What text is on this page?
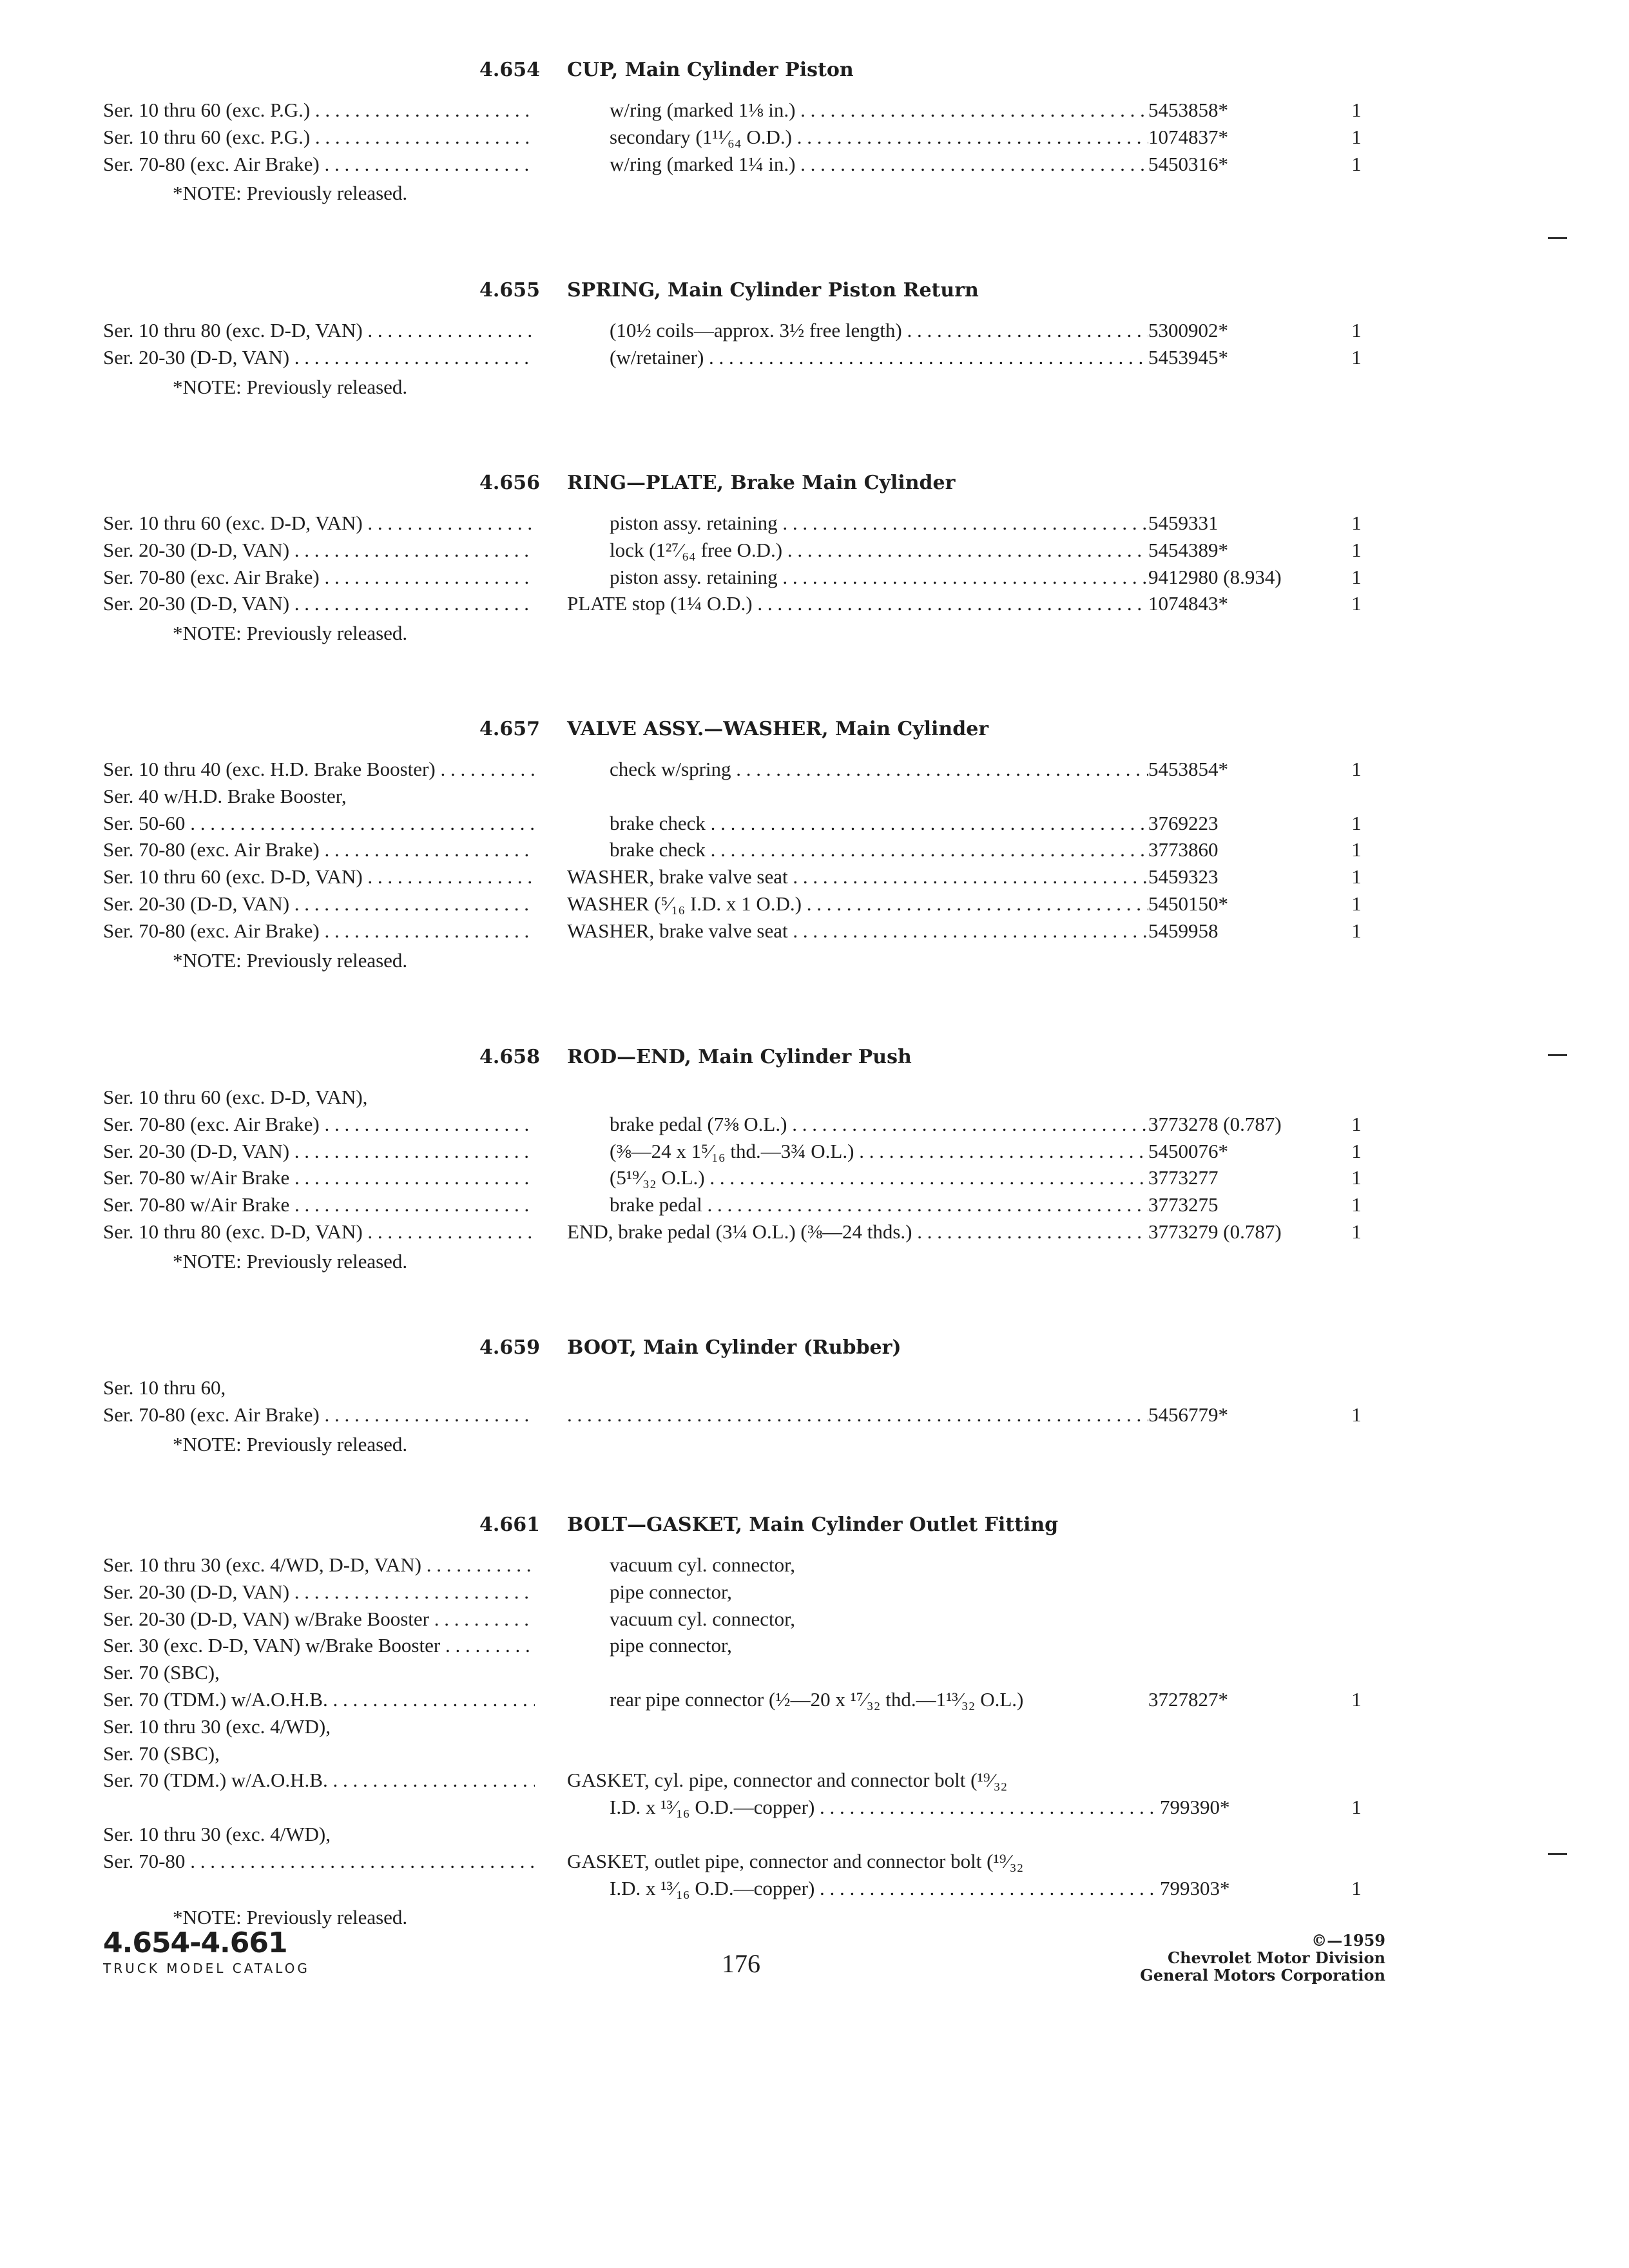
4.654 CUP, Main Cylinder Piston
Ser. 10 thru 60 (exc. P.G.) . . .	w/ring (marked 1⅛ in.) . . .	5453858*	1
Ser. 10 thru 60 (exc. P.G.) . . .	secondary (1¹¹⁄₆₄ O.D.) . . .	1074837*	1
Ser. 70-80 (exc. Air Brake) . . .	w/ring (marked 1¼ in.) . . .	5450316*	1
*NOTE: Previously released.
4.655 SPRING, Main Cylinder Piston Return
Ser. 10 thru 80 (exc. D-D, VAN) . . .	(10½ coils—approx. 3½ free length) . . .	5300902*	1
Ser. 20-30 (D-D, VAN) . . .	(w/retainer) . . .	5453945*	1
*NOTE: Previously released.
4.656 RING—PLATE, Brake Main Cylinder
Ser. 10 thru 60 (exc. D-D, VAN) . . .	piston assy. retaining . . .	5459331	1
Ser. 20-30 (D-D, VAN) . . .	lock (1²⁷⁄₆₄ free O.D.) . . .	5454389*	1
Ser. 70-80 (exc. Air Brake) . . .	piston assy. retaining . . .	9412980 (8.934)	1
Ser. 20-30 (D-D, VAN) . . .	PLATE stop (1¼ O.D.) . . .	1074843*	1
*NOTE: Previously released.
4.657 VALVE ASSY.—WASHER, Main Cylinder
Ser. 10 thru 40 (exc. H.D. Brake Booster) . . .	check w/spring . . .	5453854*	1
Ser. 40 w/H.D. Brake Booster,
Ser. 50-60 . . .	brake check . . .	3769223	1
Ser. 70-80 (exc. Air Brake) . . .	brake check . . .	3773860	1
Ser. 10 thru 60 (exc. D-D, VAN) . . .	WASHER, brake valve seat . . .	5459323	1
Ser. 20-30 (D-D, VAN) . . .	WASHER (⁵⁄₁₆ I.D. x 1 O.D.) . . .	5450150*	1
Ser. 70-80 (exc. Air Brake) . . .	WASHER, brake valve seat . . .	5459958	1
*NOTE: Previously released.
4.658 ROD—END, Main Cylinder Push
Ser. 10 thru 60 (exc. D-D, VAN),
Ser. 70-80 (exc. Air Brake) . . .	brake pedal (7⅜ O.L.) . . .	3773278 (0.787)	1
Ser. 20-30 (D-D, VAN) . . .	(⅜—24 x 1⁵⁄₁₆ thd.—3¾ O.L.) . . .	5450076*	1
Ser. 70-80 w/Air Brake . . .	(5¹⁹⁄₃₂ O.L.) . . .	3773277	1
Ser. 70-80 w/Air Brake . . .	brake pedal . . .	3773275	1
Ser. 10 thru 80 (exc. D-D, VAN) . . .	END, brake pedal (3¼ O.L.) (⅜—24 thds.) . . .	3773279 (0.787)	1
*NOTE: Previously released.
4.659 BOOT, Main Cylinder (Rubber)
Ser. 10 thru 60,
Ser. 70-80 (exc. Air Brake) . . .
. . .	5456779*	1
*NOTE: Previously released.
4.661 BOLT—GASKET, Main Cylinder Outlet Fitting
Ser. 10 thru 30 (exc. 4/WD, D-D, VAN) . . .	vacuum cyl. connector,
Ser. 20-30 (D-D, VAN) . . .	pipe connector,
Ser. 20-30 (D-D, VAN) w/Brake Booster . . .	vacuum cyl. connector,
Ser. 30 (exc. D-D, VAN) w/Brake Booster . . .	pipe connector,
Ser. 70 (SBC),
Ser. 70 (TDM.) w/A.O.H.B. . . .	rear pipe connector (½—20 x ¹⁷⁄₃₂ thd.—1¹³⁄₃₂ O.L.)	3727827*	1
Ser. 10 thru 30 (exc. 4/WD),
Ser. 70 (SBC),
Ser. 70 (TDM.) w/A.O.H.B. . . .	GASKET, cyl. pipe, connector and connector bolt (¹⁹⁄₃₂
I.D. x ¹³⁄₁₆ O.D.—copper) . . .	799390*	1
Ser. 10 thru 30 (exc. 4/WD),
Ser. 70-80 . . .	GASKET, outlet pipe, connector and connector bolt (¹⁹⁄₃₂
I.D. x ¹³⁄₁₆ O.D.—copper) . . .	799303*	1
*NOTE: Previously released.
4.654-4.661
TRUCK MODEL CATALOG	176
©—1959
Chevrolet Motor Division
General Motors Corporation
